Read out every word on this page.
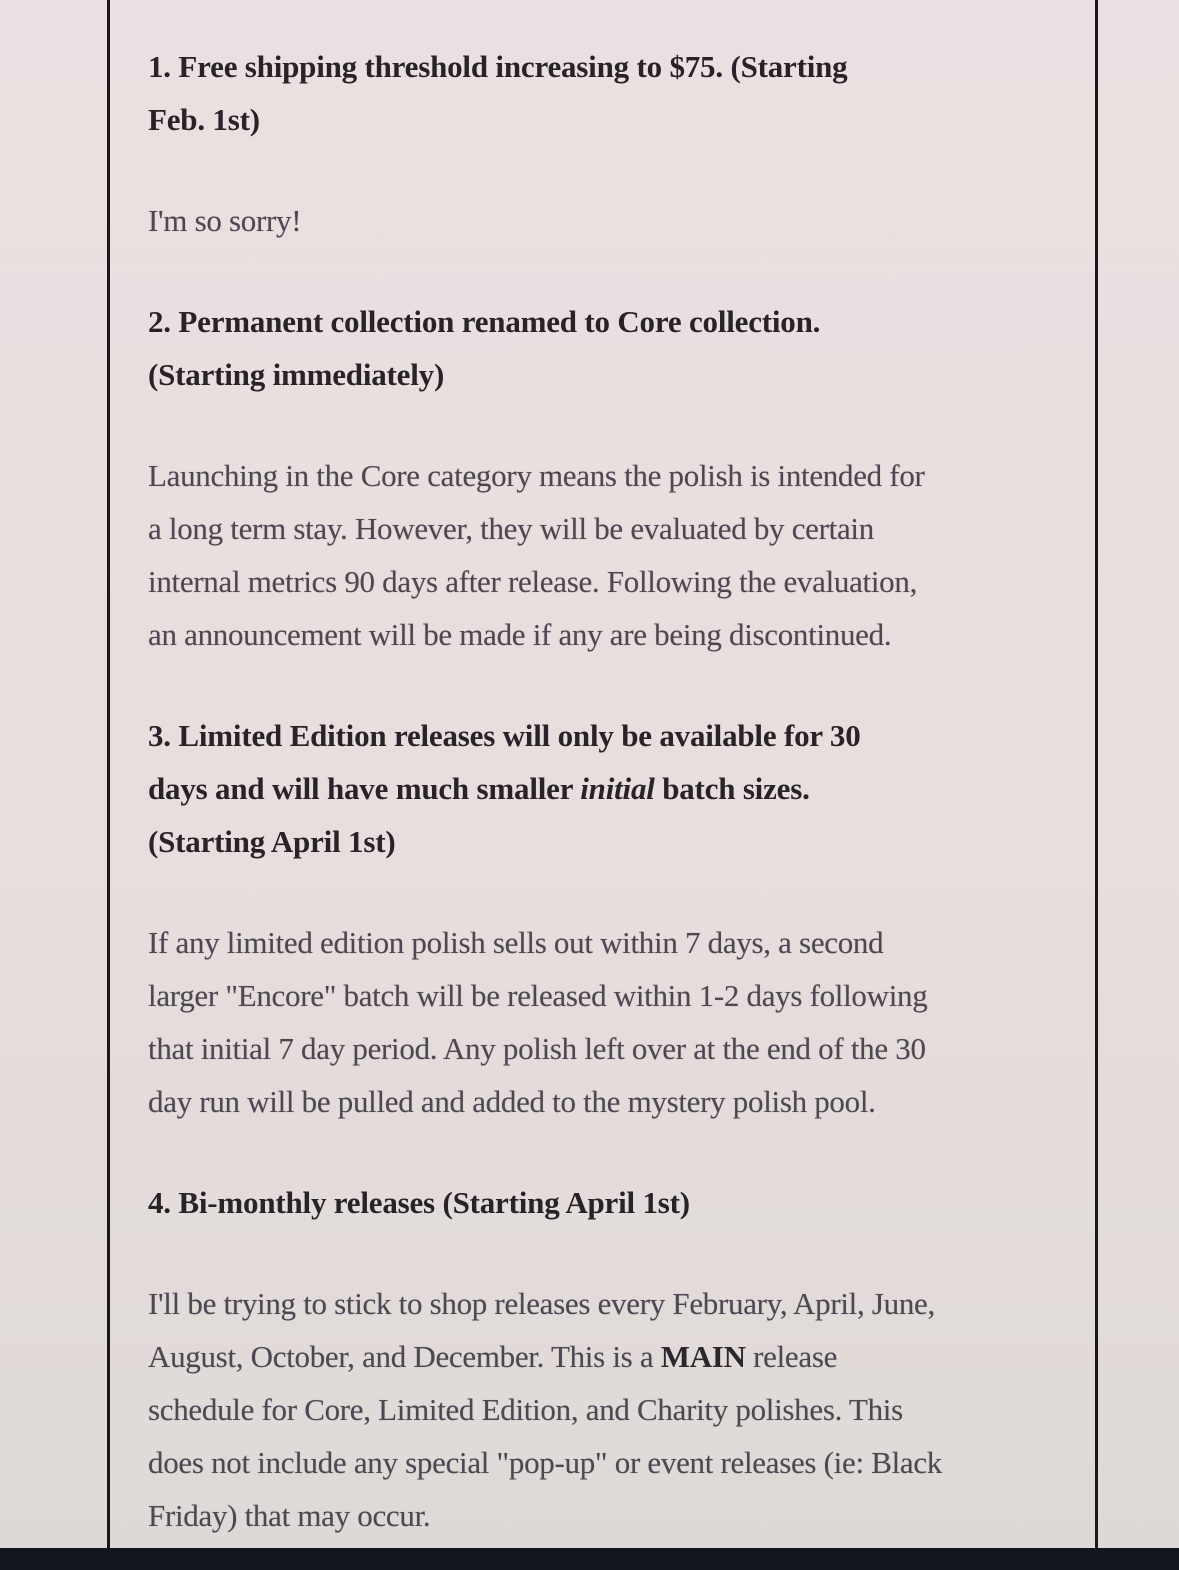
1. Free shipping threshold increasing to $75. (Starting
Feb. 1st)
I'm so sorry!
2. Permanent collection renamed to Core collection.
(Starting immediately)
Launching in the Core category means the polish is intended for
a long term stay. However, they will be evaluated by certain
internal metrics 90 days after release. Following the evaluation,
an announcement will be made if any are being discontinued.
3. Limited Edition releases will only be available for 30
days and will have much smaller initial batch sizes.
(Starting April 1st)
If any limited edition polish sells out within 7 days, a second
larger "Encore" batch will be released within 1-2 days following
that initial 7 day period. Any polish left over at the end of the 30
day run will be pulled and added to the mystery polish pool.
4. Bi-monthly releases (Starting April 1st)
I'll be trying to stick to shop releases every February, April, June,
August, October, and December. This is a MAIN release
schedule for Core, Limited Edition, and Charity polishes. This
does not include any special "pop-up" or event releases (ie: Black
Friday) that may occur.
